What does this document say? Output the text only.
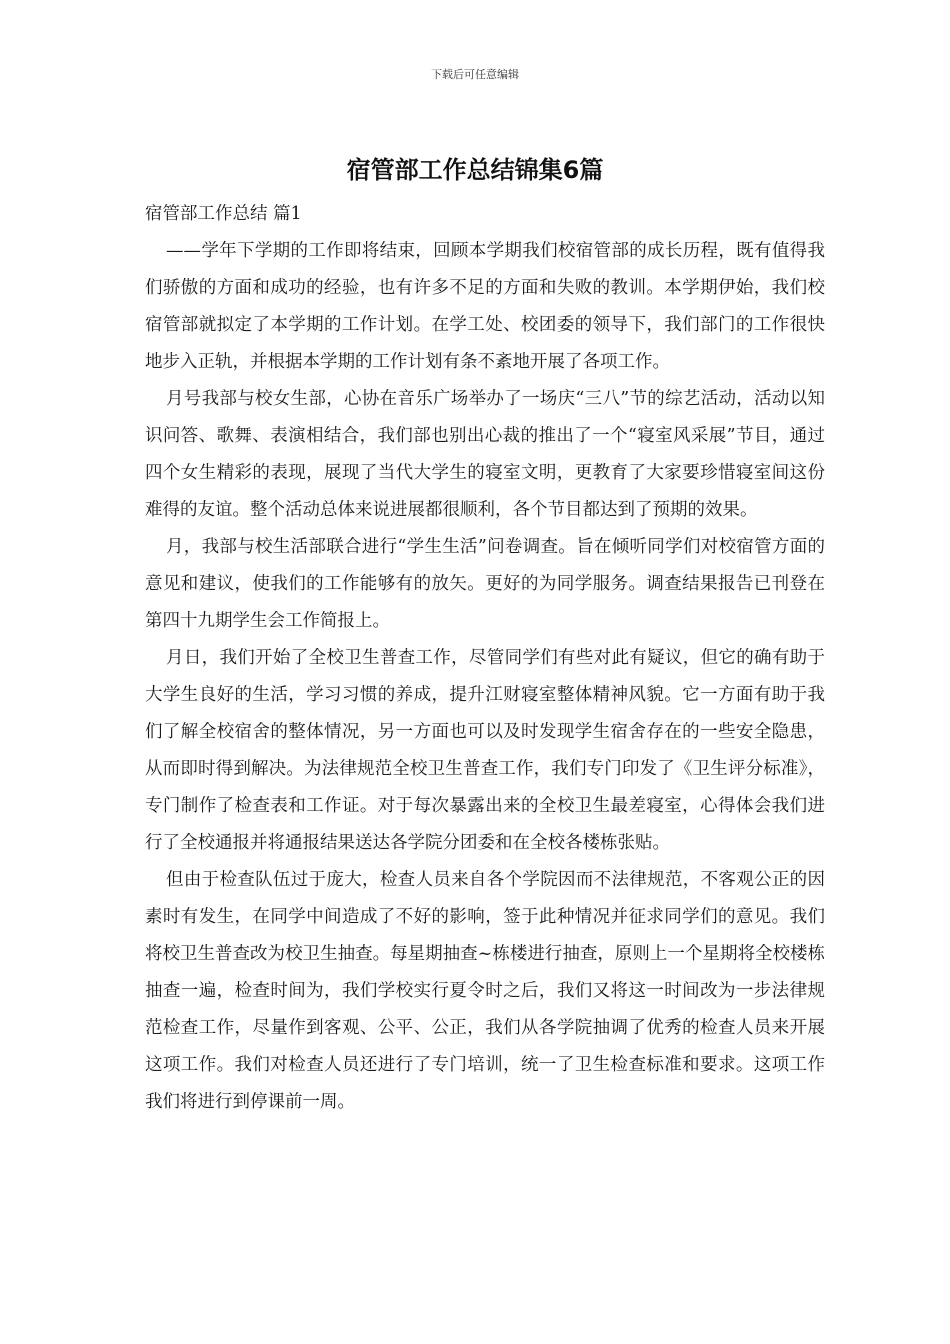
下载后可任意编辑
宿管部工作总结锦集6篇

宿管部工作总结 篇1

——学年下学期的工作即将结束，回顾本学期我们校宿管部的成长历程，既有值得我们骄傲的方面和成功的经验，也有许多不足的方面和失败的教训。本学期伊始，我们校宿管部就拟定了本学期的工作计划。在学工处、校团委的领导下，我们部门的工作很快地步入正轨，并根据本学期的工作计划有条不紊地开展了各项工作。

月号我部与校女生部，心协在音乐广场举办了一场庆“三八”节的综艺活动，活动以知识问答、歌舞、表演相结合，我们部也别出心裁的推出了一个“寝室风采展”节目，通过四个女生精彩的表现，展现了当代大学生的寝室文明，更教育了大家要珍惜寝室间这份难得的友谊。整个活动总体来说进展都很顺利，各个节目都达到了预期的效果。

月，我部与校生活部联合进行“学生生活”问卷调查。旨在倾听同学们对校宿管方面的意见和建议，使我们的工作能够有的放矢。更好的为同学服务。调查结果报告已刊登在第四十九期学生会工作简报上。

月日，我们开始了全校卫生普查工作，尽管同学们有些对此有疑议，但它的确有助于大学生良好的生活，学习习惯的养成，提升江财寝室整体精神风貌。它一方面有助于我们了解全校宿舍的整体情况，另一方面也可以及时发现学生宿舍存在的一些安全隐患，从而即时得到解决。为法律规范全校卫生普查工作，我们专门印发了《卫生评分标准》，专门制作了检查表和工作证。对于每次暴露出来的全校卫生最差寝室，心得体会我们进行了全校通报并将通报结果送达各学院分团委和在全校各楼栋张贴。

但由于检查队伍过于庞大，检查人员来自各个学院因而不法律规范，不客观公正的因素时有发生，在同学中间造成了不好的影响，签于此种情况并征求同学们的意见。我们将校卫生普查改为校卫生抽查。每星期抽查~栋楼进行抽查，原则上一个星期将全校楼栋抽查一遍，检查时间为，我们学校实行夏令时之后，我们又将这一时间改为一步法律规范检查工作，尽量作到客观、公平、公正，我们从各学院抽调了优秀的检查人员来开展这项工作。我们对检查人员还进行了专门培训，统一了卫生检查标准和要求。这项工作我们将进行到停课前一周。
